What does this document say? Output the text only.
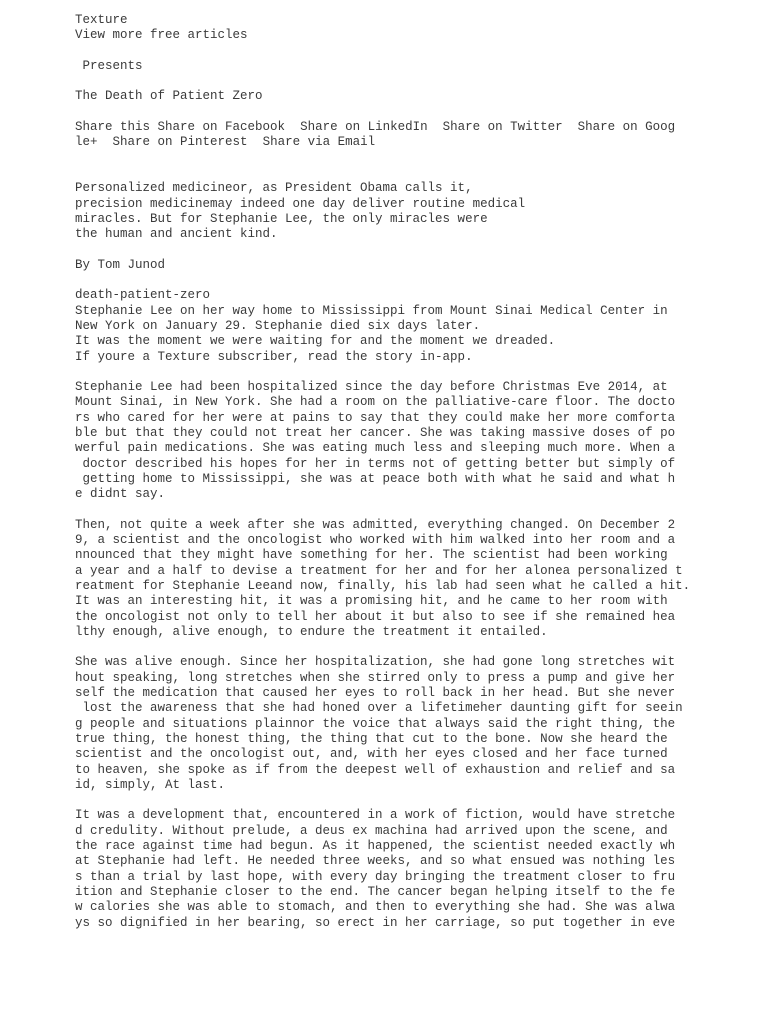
Texture
View more free articles
Presents
The Death of Patient Zero
Share this Share on Facebook Share on LinkedIn Share on Twitter Share on Goog
le+ Share on Pinterest Share via Email
Personalized medicineor, as President Obama calls it,
precision medicinemay indeed one day deliver routine medical
miracles. But for Stephanie Lee, the only miracles were
the human and ancient kind.
By Tom Junod
death-patient-zero
Stephanie Lee on her way home to Mississippi from Mount Sinai Medical Center in
New York on January 29. Stephanie died six days later.
It was the moment we were waiting for and the moment we dreaded.
If youre a Texture subscriber, read the story in-app.
Stephanie Lee had been hospitalized since the day before Christmas Eve 2014, at
Mount Sinai, in New York. She had a room on the palliative-care floor. The docto
rs who cared for her were at pains to say that they could make her more comforta
ble but that they could not treat her cancer. She was taking massive doses of po
werful pain medications. She was eating much less and sleeping much more. When a
doctor described his hopes for her in terms not of getting better but simply of
getting home to Mississippi, she was at peace both with what he said and what h
e didnt say.
Then, not quite a week after she was admitted, everything changed. On December 2
9, a scientist and the oncologist who worked with him walked into her room and a
nnounced that they might have something for her. The scientist had been working
a year and a half to devise a treatment for her and for her alonea personalized t
reatment for Stephanie Leeand now, finally, his lab had seen what he called a hit.
It was an interesting hit, it was a promising hit, and he came to her room with
the oncologist not only to tell her about it but also to see if she remained hea
lthy enough, alive enough, to endure the treatment it entailed.
She was alive enough. Since her hospitalization, she had gone long stretches wit
hout speaking, long stretches when she stirred only to press a pump and give her
self the medication that caused her eyes to roll back in her head. But she never
lost the awareness that she had honed over a lifetimeher daunting gift for seein
g people and situations plainnor the voice that always said the right thing, the
true thing, the honest thing, the thing that cut to the bone. Now she heard the
scientist and the oncologist out, and, with her eyes closed and her face turned
to heaven, she spoke as if from the deepest well of exhaustion and relief and sa
id, simply, At last.
It was a development that, encountered in a work of fiction, would have stretche
d credulity. Without prelude, a deus ex machina had arrived upon the scene, and
the race against time had begun. As it happened, the scientist needed exactly wh
at Stephanie had left. He needed three weeks, and so what ensued was nothing les
s than a trial by last hope, with every day bringing the treatment closer to fru
ition and Stephanie closer to the end. The cancer began helping itself to the fe
w calories she was able to stomach, and then to everything she had. She was alwa
ys so dignified in her bearing, so erect in her carriage, so put together in eve
